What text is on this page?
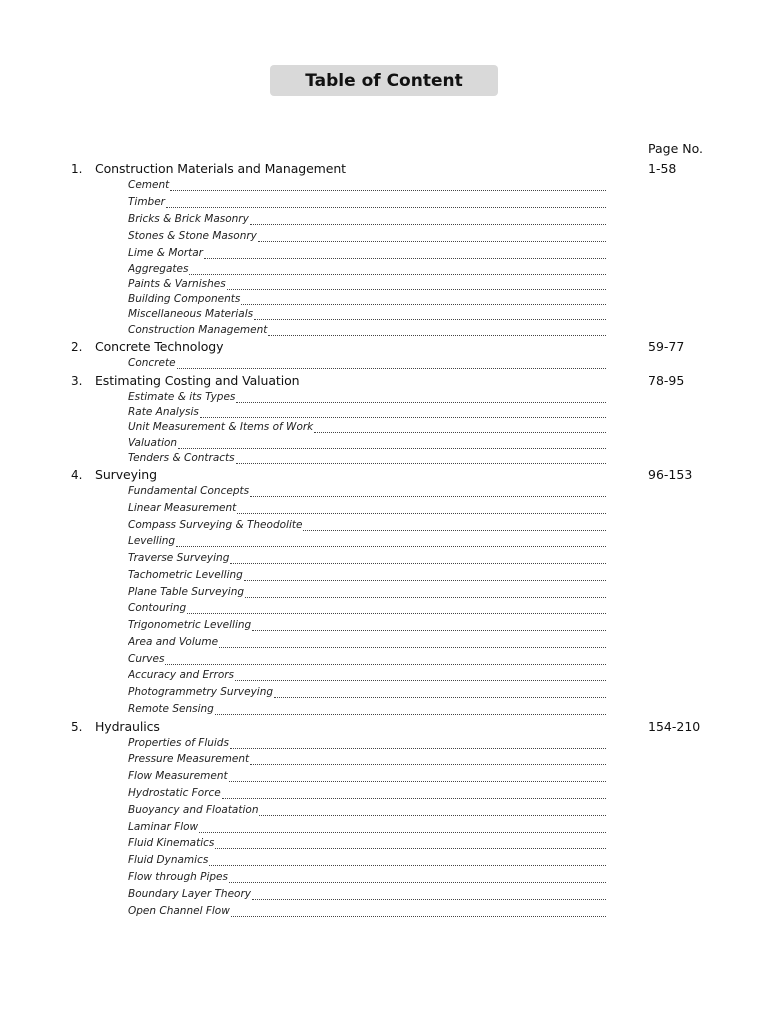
Table of Content
Page No.
1. Construction Materials and Management	1-58
Cement
Timber
Bricks & Brick Masonry
Stones & Stone Masonry
Lime & Mortar
Aggregates
Paints & Varnishes
Building Components
Miscellaneous Materials
Construction Management
2. Concrete Technology	59-77
Concrete
3. Estimating Costing and Valuation	78-95
Estimate & its Types
Rate Analysis
Unit Measurement & Items of Work
Valuation
Tenders & Contracts
4. Surveying	96-153
Fundamental Concepts
Linear Measurement
Compass Surveying & Theodolite
Levelling
Traverse Surveying
Tachometric Levelling
Plane Table Surveying
Contouring
Trigonometric Levelling
Area and Volume
Curves
Accuracy and Errors
Photogrammetry Surveying
Remote Sensing
5. Hydraulics	154-210
Properties of Fluids
Pressure Measurement
Flow Measurement
Hydrostatic Force
Buoyancy and Floatation
Laminar Flow
Fluid Kinematics
Fluid Dynamics
Flow through Pipes
Boundary Layer Theory
Open Channel Flow
